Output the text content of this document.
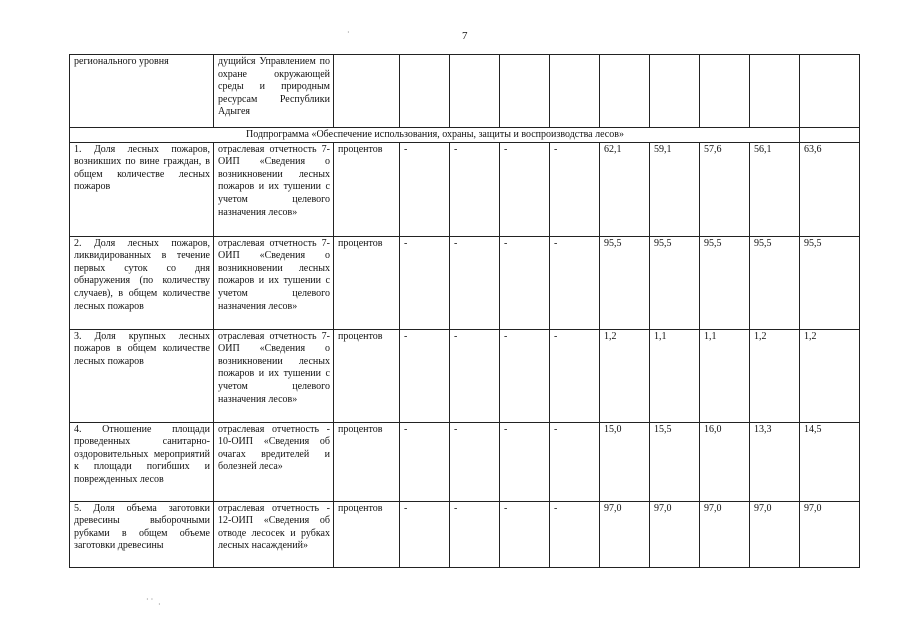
7
·
· ·
·
регионального уровня	дущийся Управлением по охране окружающей среды и природным ресурсам Республики Адыгея										
Подпрограмма «Обеспечение использования, охраны, защиты и воспроизводства лесов»											
1. Доля лесных пожаров, возникших по вине граждан, в общем количестве лесных пожаров	отраслевая отчетность 7-ОИП «Сведения о возникновении лесных пожаров и их тушении с учетом целевого назначения лесов»	процентов	-	-	-	-	62,1	59,1	57,6	56,1	63,6
2. Доля лесных пожаров, ликвидированных в течение первых суток со дня обнаружения (по количеству случаев), в общем количестве лесных пожаров	отраслевая отчетность 7-ОИП «Сведения о возникновении лесных пожаров и их тушении с учетом целевого назначения лесов»	процентов	-	-	-	-	95,5	95,5	95,5	95,5	95,5
3. Доля крупных лесных пожаров в общем количестве лесных пожаров	отраслевая отчетность 7-ОИП «Сведения о возникновении лесных пожаров и их тушении с учетом целевого назначения лесов»	процентов	-	-	-	-	1,2	1,1	1,1	1,2	1,2
4. Отношение площади проведенных санитарно-оздоровительных мероприятий к площади погибших и поврежденных лесов	отраслевая отчетность - 10-ОИП «Сведения об очагах вредителей и болезней леса»	процентов	-	-	-	-	15,0	15,5	16,0	13,3	14,5
5. Доля объема заготовки древесины выборочными рубками в общем объеме заготовки древесины	отраслевая отчетность - 12-ОИП «Сведения об отводе лесосек и рубках лесных насаждений»	процентов	-	-	-	-	97,0	97,0	97,0	97,0	97,0
